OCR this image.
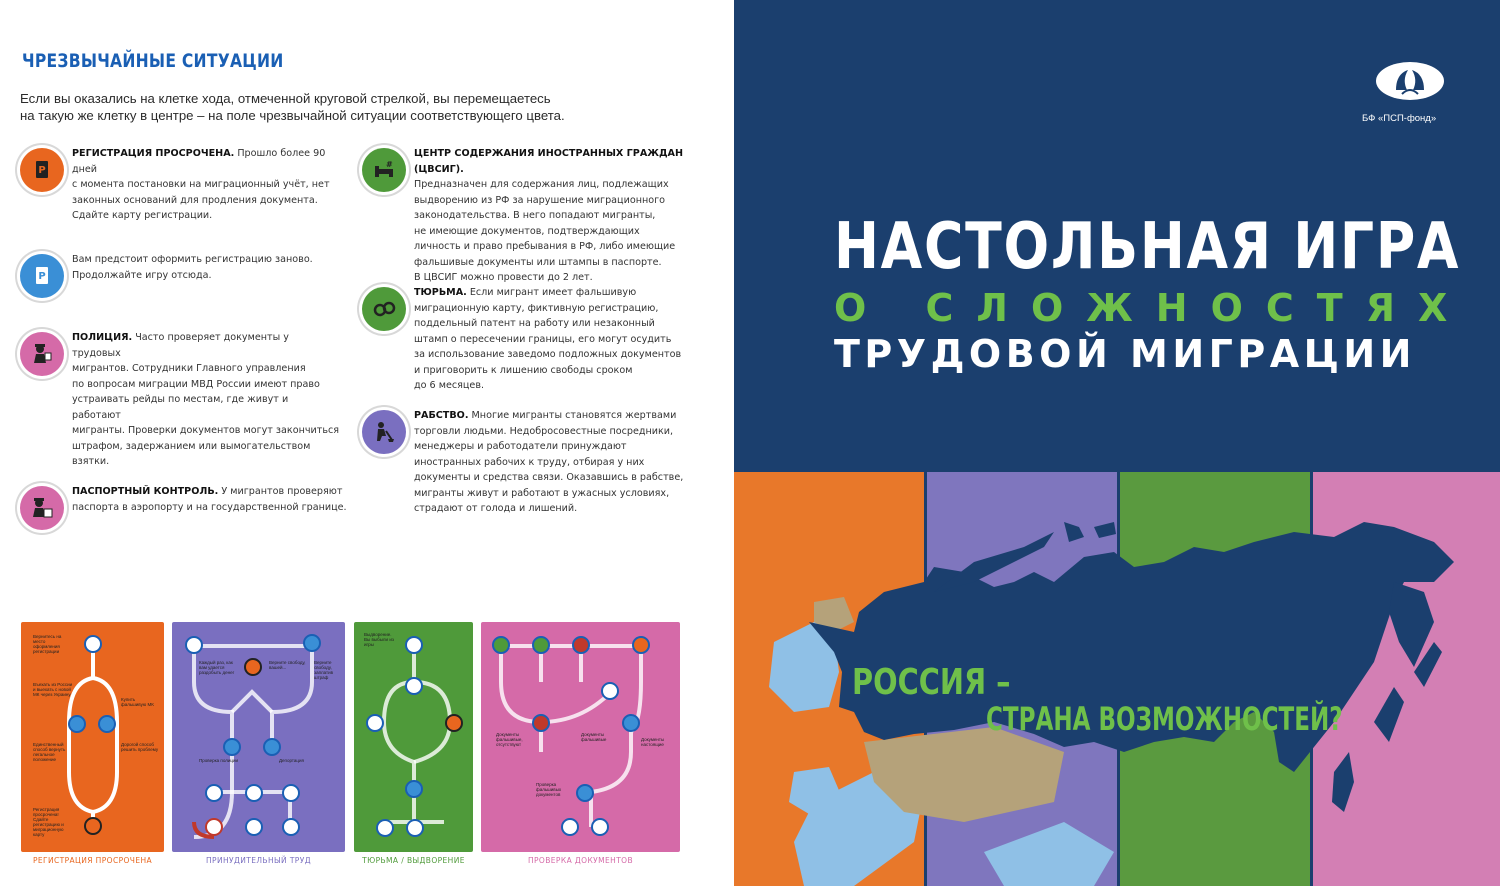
ЧРЕЗВЫЧАЙНЫЕ СИТУАЦИИ
Если вы оказались на клетке хода, отмеченной круговой стрелкой, вы перемещаетесь
на такую же клетку в центре – на поле чрезвычайной ситуации соответствующего цвета.
P
РЕГИСТРАЦИЯ ПРОСРОЧЕНА. Прошло более 90 дней
с момента постановки на миграционный учёт, нет
законных оснований для продления документа.
Сдайте карту регистрации.
P
Вам предстоит оформить регистрацию заново.
Продолжайте игру отсюда.
ПОЛИЦИЯ. Часто проверяет документы у трудовых
мигрантов. Сотрудники Главного управления
по вопросам миграции МВД России имеют право
устраивать рейды по местам, где живут и работают
мигранты. Проверки документов могут закончиться
штрафом, задержанием или вымогательством
взятки.
ПАСПОРТНЫЙ КОНТРОЛЬ. У мигрантов проверяют
паспорта в аэропорту и на государственной границе.
#
ЦЕНТР СОДЕРЖАНИЯ ИНОСТРАННЫХ ГРАЖДАН (ЦВСИГ).
Предназначен для содержания лиц, подлежащих
выдворению из РФ за нарушение миграционного
законодательства. В него попадают мигранты,
не имеющие документов, подтверждающих
личность и право пребывания в РФ, либо имеющие
фальшивые документы или штампы в паспорте.
В ЦВСИГ можно провести до 2 лет.
ТЮРЬМА. Если мигрант имеет фальшивую
миграционную карту, фиктивную регистрацию,
поддельный патент на работу или незаконный
штамп о пересечении границы, его могут осудить
за использование заведомо подложных документов
и приговорить к лишению свободы сроком
до 6 месяцев.
РАБСТВО. Многие мигранты становятся жертвами
торговли людьми. Недобросовестные посредники,
менеджеры и работодатели принуждают
иностранных рабочих к труду, отбирая у них
документы и средства связи. Оказавшись в рабстве,
мигранты живут и работают в ужасных условиях,
страдают от голода и лишений.
Вернитесь на место оформления регистрации
Въехать из России и выехать с новой МК через Украину
Купить фальшивую МК
Единственный способ вернуть легальное положение
Дорогой способ решить проблему
Регистрация просрочена! Сдайте регистрацию и миграционную карту
РЕГИСТРАЦИЯ ПРОСРОЧЕНА
Каждый раз, как вам удается раздобыть денег
Верните свободу, вашей...
Верните свободу, заплатив штраф
Проверка полиции	Депортация
ПРИНУДИТЕЛЬНЫЙ ТРУД
Выдворение. Вы выбыли из игры
ТЮРЬМА / ВЫДВОРЕНИЕ
Документы фальшивые, отсутствуют
Документы фальшивые	Документы настоящие
Проверка фальшивых документов
ПРОВЕРКА ДОКУМЕНТОВ
БФ «ПСП-фонд»
НАСТОЛЬНАЯ ИГРА
О СЛОЖНОСТЯХ
ТРУДОВОЙ МИГРАЦИИ
РОССИЯ –
СТРАНА ВОЗМОЖНОСТЕЙ?
